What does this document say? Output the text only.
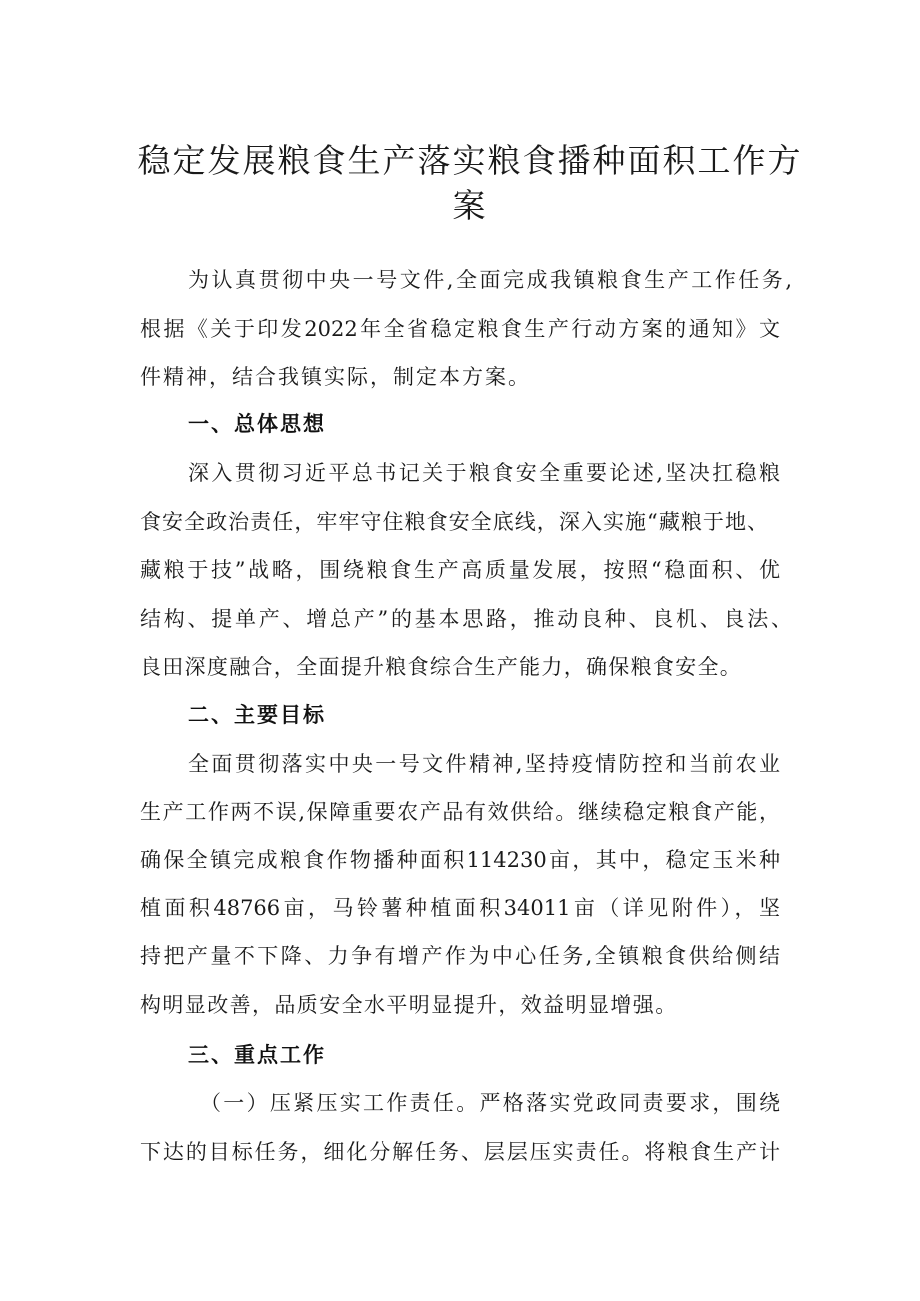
稳定发展粮食生产落实粮食播种面积工作方
案
为认真贯彻中央一号文件,全面完成我镇粮食生产工作任务,
根据《关于印发2022年全省稳定粮食生产行动方案的通知》文
件精神，结合我镇实际，制定本方案。
一、总体思想
深入贯彻习近平总书记关于粮食安全重要论述,坚决扛稳粮
食安全政治责任，牢牢守住粮食安全底线，深入实施“藏粮于地、
藏粮于技”战略，围绕粮食生产高质量发展，按照“稳面积、优
结构、提单产、增总产”的基本思路，推动良种、良机、良法、
良田深度融合，全面提升粮食综合生产能力，确保粮食安全。
二、主要目标
全面贯彻落实中央一号文件精神,坚持疫情防控和当前农业
生产工作两不误,保障重要农产品有效供给。继续稳定粮食产能，
确保全镇完成粮食作物播种面积114230亩，其中，稳定玉米种
植面积48766亩，马铃薯种植面积34011亩（详见附件），坚
持把产量不下降、力争有增产作为中心任务,全镇粮食供给侧结
构明显改善，品质安全水平明显提升，效益明显增强。
三、重点工作
（一）压紧压实工作责任。严格落实党政同责要求，围绕
下达的目标任务，细化分解任务、层层压实责任。将粮食生产计
